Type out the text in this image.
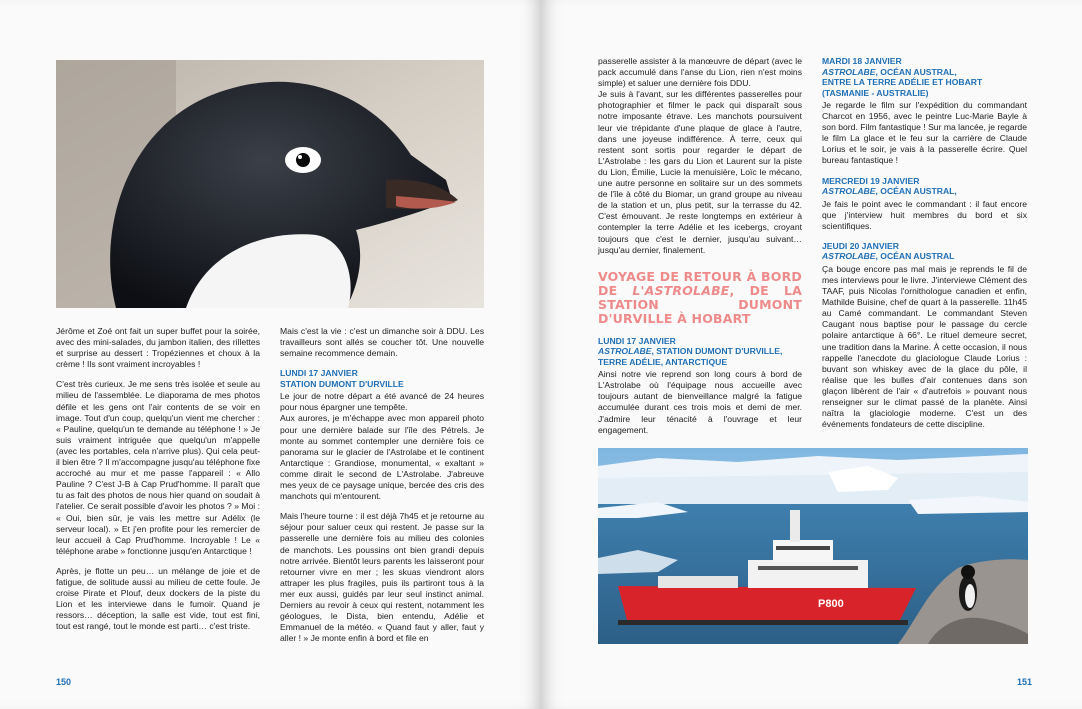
Jérôme et Zoé ont fait un super buffet pour la soirée, avec des mini-salades, du jambon italien, des rillettes et surprise au dessert : Tropéziennes et choux à la crème ! Ils sont vraiment incroyables !

C'est très curieux. Je me sens très isolée et seule au milieu de l'assemblée. Le diaporama de mes photos défile et les gens ont l'air contents de se voir en image. Tout d'un coup, quelqu'un vient me chercher : « Pauline, quelqu'un te demande au téléphone ! » Je suis vraiment intriguée que quelqu'un m'appelle (avec les portables, cela n'arrive plus). Qui cela peut-il bien être ? Il m'accompagne jusqu'au téléphone fixe accroché au mur et me passe l'appareil : « Allo Pauline ? C'est J-B à Cap Prud'homme. Il paraît que tu as fait des photos de nous hier quand on soudait à l'atelier. Ce serait possible d'avoir les photos ? » Moi : « Oui, bien sûr, je vais les mettre sur Adélix (le serveur local). » Et j'en profite pour les remercier de leur accueil à Cap Prud'homme. Incroyable ! Le « téléphone arabe » fonctionne jusqu'en Antarctique !

Après, je flotte un peu… un mélange de joie et de fatigue, de solitude aussi au milieu de cette foule. Je croise Pirate et Plouf, deux dockers de la piste du Lion et les interviewe dans le fumoir. Quand je ressors… déception, la salle est vide, tout est fini, tout est rangé, tout le monde est parti… c'est triste.

Mais c'est la vie : c'est un dimanche soir à DDU. Les travailleurs sont allés se coucher tôt. Une nouvelle semaine recommence demain.

LUNDI 17 JANVIER
STATION DUMONT D'URVILLE

Le jour de notre départ a été avancé de 24 heures pour nous épargner une tempête.

Aux aurores, je m'échappe avec mon appareil photo pour une dernière balade sur l'île des Pétrels. Je monte au sommet contempler une dernière fois ce panorama sur le glacier de l'Astrolabe et le continent Antarctique : Grandiose, monumental, « exaltant » comme dirait le second de L'Astrolabe. J'abreuve mes yeux de ce paysage unique, bercée des cris des manchots qui m'entourent.

Mais l'heure tourne : il est déjà 7h45 et je retourne au séjour pour saluer ceux qui restent. Je passe sur la passerelle une dernière fois au milieu des colonies de manchots. Les poussins ont bien grandi depuis notre arrivée. Bientôt leurs parents les laisseront pour retourner vivre en mer ; les skuas viendront alors attraper les plus fragiles, puis ils partiront tous à la mer eux aussi, guidés par leur seul instinct animal. Derniers au revoir à ceux qui restent, notamment les géologues, le Dista, bien entendu, Adélie et Emmanuel de la météo. « Quand faut y aller, faut y aller ! » Je monte enfin à bord et file en

150

passerelle assister à la manœuvre de départ (avec le pack accumulé dans l'anse du Lion, rien n'est moins simple) et saluer une dernière fois DDU.

Je suis à l'avant, sur les différentes passerelles pour photographier et filmer le pack qui disparaît sous notre imposante étrave. Les manchots poursuivent leur vie trépidante d'une plaque de glace à l'autre, dans une joyeuse indifférence. À terre, ceux qui restent sont sortis pour regarder le départ de L'Astrolabe : les gars du Lion et Laurent sur la piste du Lion, Émilie, Lucie la menuisière, Loïc le mécano, une autre personne en solitaire sur un des sommets de l'île à côté du Biomar, un grand groupe au niveau de la station et un, plus petit, sur la terrasse du 42. C'est émouvant. Je reste longtemps en extérieur à contempler la terre Adélie et les icebergs, croyant toujours que c'est le dernier, jusqu'au suivant… jusqu'au dernier, finalement.

VOYAGE DE RETOUR À BORD DE L'ASTROLABE, DE LA STATION DUMONT D'URVILLE À HOBART
LUNDI 17 JANVIER
ASTROLABE, STATION DUMONT D'URVILLE,
TERRE ADÉLIE, ANTARCTIQUE

Ainsi notre vie reprend son long cours à bord de L'Astrolabe où l'équipage nous accueille avec toujours autant de bienveillance malgré la fatigue accumulée durant ces trois mois et demi de mer. J'admire leur ténacité à l'ouvrage et leur engagement.

MARDI 18 JANVIER
ASTROLABE, OCÉAN AUSTRAL,
ENTRE LA TERRE ADÉLIE ET HOBART
(TASMANIE - AUSTRALIE)

Je regarde le film sur l'expédition du commandant Charcot en 1956, avec le peintre Luc-Marie Bayle à son bord. Film fantastique ! Sur ma lancée, je regarde le film La glace et le feu sur la carrière de Claude Lorius et le soir, je vais à la passerelle écrire. Quel bureau fantastique !

MERCREDI 19 JANVIER
ASTROLABE, OCÉAN AUSTRAL,

Je fais le point avec le commandant : il faut encore que j'interview huit membres du bord et six scientifiques.

JEUDI 20 JANVIER
ASTROLABE, OCÉAN AUSTRAL

Ça bouge encore pas mal mais je reprends le fil de mes interviews pour le livre. J'interviewe Clément des TAAF, puis Nicolas l'ornithologue canadien et enfin, Mathilde Buisine, chef de quart à la passerelle. 11h45 au Camé commandant. Le commandant Steven Caugant nous baptise pour le passage du cercle polaire antarctique à 66°. Le rituel demeure secret, une tradition dans la Marine. À cette occasion, il nous rappelle l'anecdote du glaciologue Claude Lorius : buvant son whiskey avec de la glace du pôle, il réalise que les bulles d'air contenues dans son glaçon libèrent de l'air « d'autrefois » pouvant nous renseigner sur le climat passé de la planète. Ainsi naîtra la glaciologie moderne. C'est un des événements fondateurs de cette discipline.

P800
151
